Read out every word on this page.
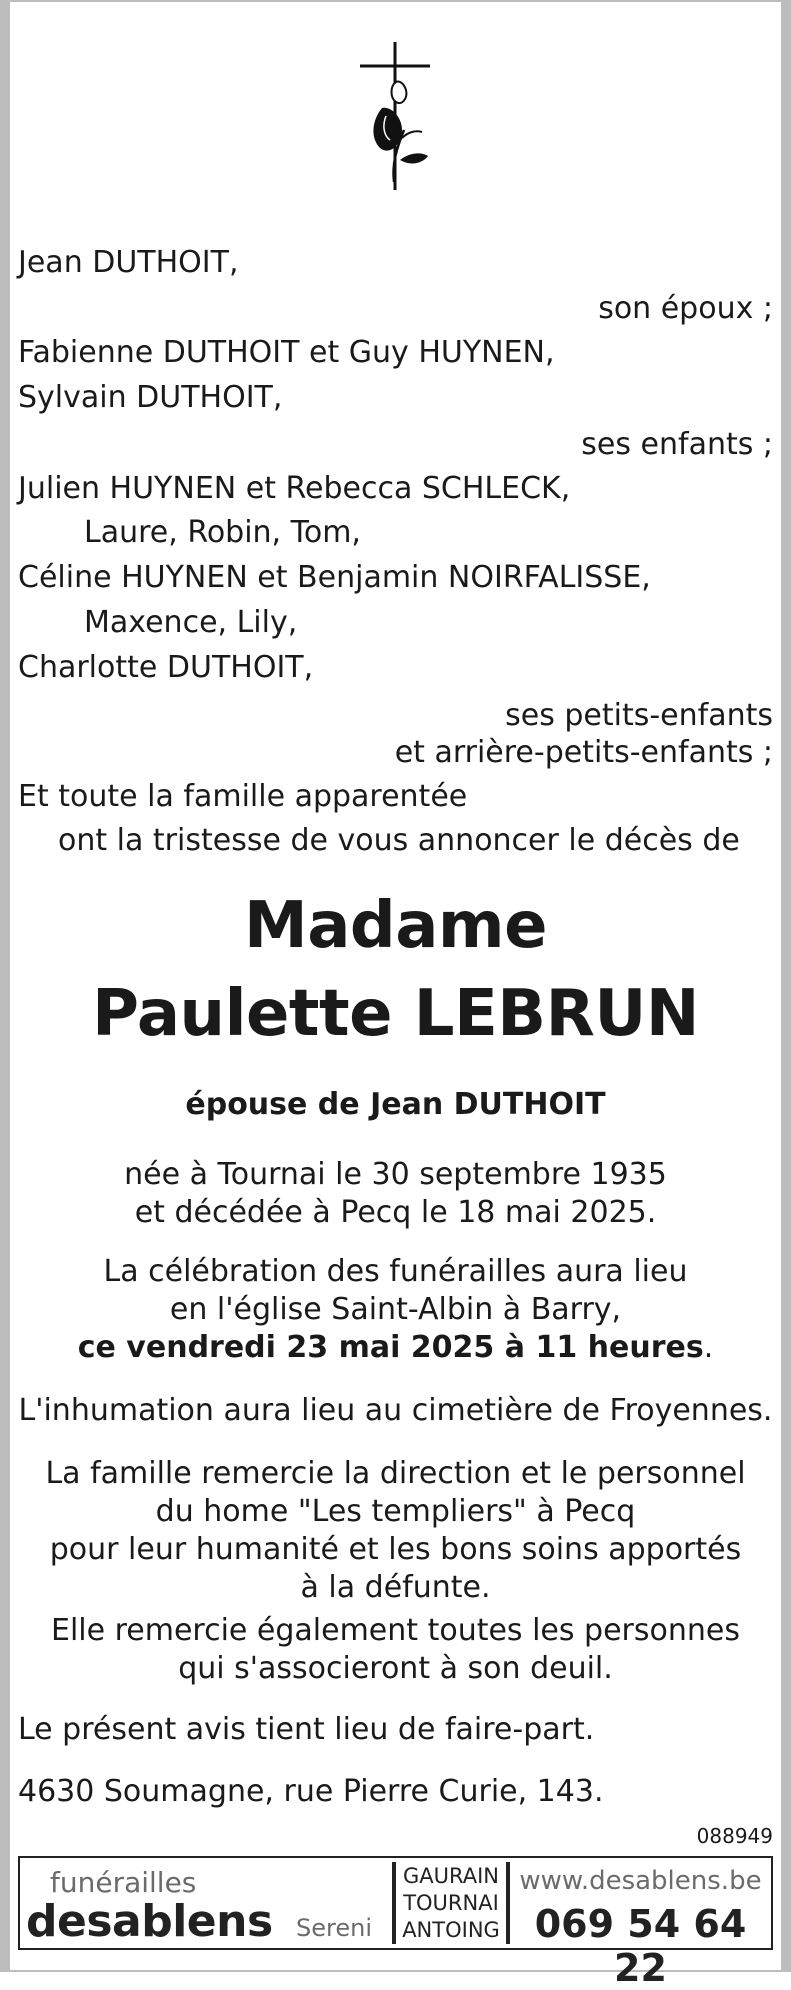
Jean DUTHOIT,
son époux ;
Fabienne DUTHOIT et Guy HUYNEN,
Sylvain DUTHOIT,
ses enfants ;
Julien HUYNEN et Rebecca SCHLECK,
Laure, Robin, Tom,
Céline HUYNEN et Benjamin NOIRFALISSE,
Maxence, Lily,
Charlotte DUTHOIT,
ses petits-enfants
et arrière-petits-enfants ;
Et toute la famille apparentée
ont la tristesse de vous annoncer le décès de
Madame
Paulette LEBRUN
épouse de Jean DUTHOIT
née à Tournai le 30 septembre 1935
et décédée à Pecq le 18 mai 2025.
La célébration des funérailles aura lieu
en l'église Saint-Albin à Barry,
ce vendredi 23 mai 2025 à 11 heures.
L'inhumation aura lieu au cimetière de Froyennes.
La famille remercie la direction et le personnel
du home "Les templiers" à Pecq
pour leur humanité et les bons soins apportés
à la défunte.
Elle remercie également toutes les personnes
qui s'associeront à son deuil.
Le présent avis tient lieu de faire-part.
4630 Soumagne, rue Pierre Curie, 143.
088949
funérailles
desablens Sereni
GAURAIN
TOURNAI
ANTOING
www.desablens.be
069 54 64 22
